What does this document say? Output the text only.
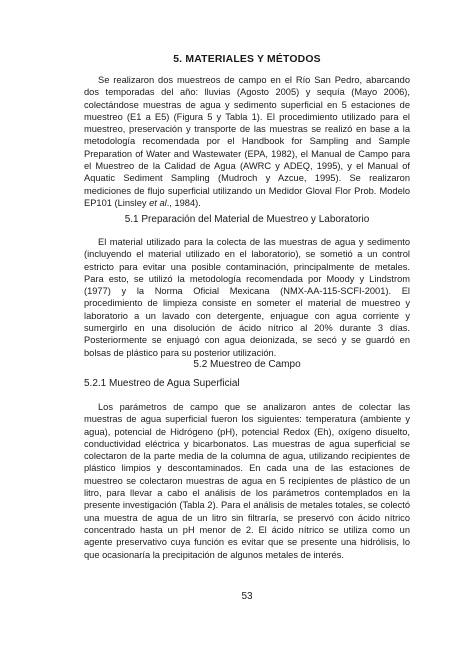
5. MATERIALES Y MÉTODOS

Se realizaron dos muestreos de campo en el Río San Pedro, abarcando dos temporadas del año: lluvias (Agosto 2005) y sequía (Mayo 2006), colectándose muestras de agua y sedimento superficial en 5 estaciones de muestreo (E1 a E5) (Figura 5 y Tabla 1). El procedimiento utilizado para el muestreo, preservación y transporte de las muestras se realizó en base a la metodología recomendada por el Handbook for Sampling and Sample Preparation of Water and Wastewater (EPA, 1982), el Manual de Campo para el Muestreo de la Calidad de Agua (AWRC y ADEQ, 1995), y el Manual of Aquatic Sediment Sampling (Mudroch y Azcue, 1995). Se realizaron mediciones de flujo superficial utilizando un Medidor Gloval Flor Prob. Modelo EP101 (Linsley et al., 1984).

5.1 Preparación del Material de Muestreo y Laboratorio

El material utilizado para la colecta de las muestras de agua y sedimento (incluyendo el material utilizado en el laboratorio), se sometió a un control estricto para evitar una posible contaminación, principalmente de metales. Para esto, se utilizó la metodología recomendada por Moody y Lindstrom (1977) y la Norma Oficial Mexicana (NMX-AA-115-SCFI-2001). El procedimiento de limpieza consiste en someter el material de muestreo y laboratorio a un lavado con detergente, enjuague con agua corriente y sumergirlo en una disolución de ácido nítrico al 20% durante 3 días. Posteriormente se enjuagó con agua deionizada, se secó y se guardó en bolsas de plástico para su posterior utilización.

5.2 Muestreo de Campo
5.2.1 Muestreo de Agua Superficial

Los parámetros de campo que se analizaron antes de colectar las muestras de agua superficial fueron los siguientes: temperatura (ambiente y agua), potencial de Hidrógeno (pH), potencial Redox (Eh), oxígeno disuelto, conductividad eléctrica y bicarbonatos. Las muestras de agua superficial se colectaron de la parte media de la columna de agua, utilizando recipientes de plástico limpios y descontaminados. En cada una de las estaciones de muestreo se colectaron muestras de agua en 5 recipientes de plástico de un litro, para llevar a cabo el análisis de los parámetros contemplados en la presente investigación (Tabla 2). Para el análisis de metales totales, se colectó una muestra de agua de un litro sin filtraría, se preservó con ácido nítrico concentrado hasta un pH menor de 2. El ácido nítrico se utiliza como un agente preservativo cuya función es evitar que se presente una hidrólisis, lo que ocasionaría la precipitación de algunos metales de interés.

53
